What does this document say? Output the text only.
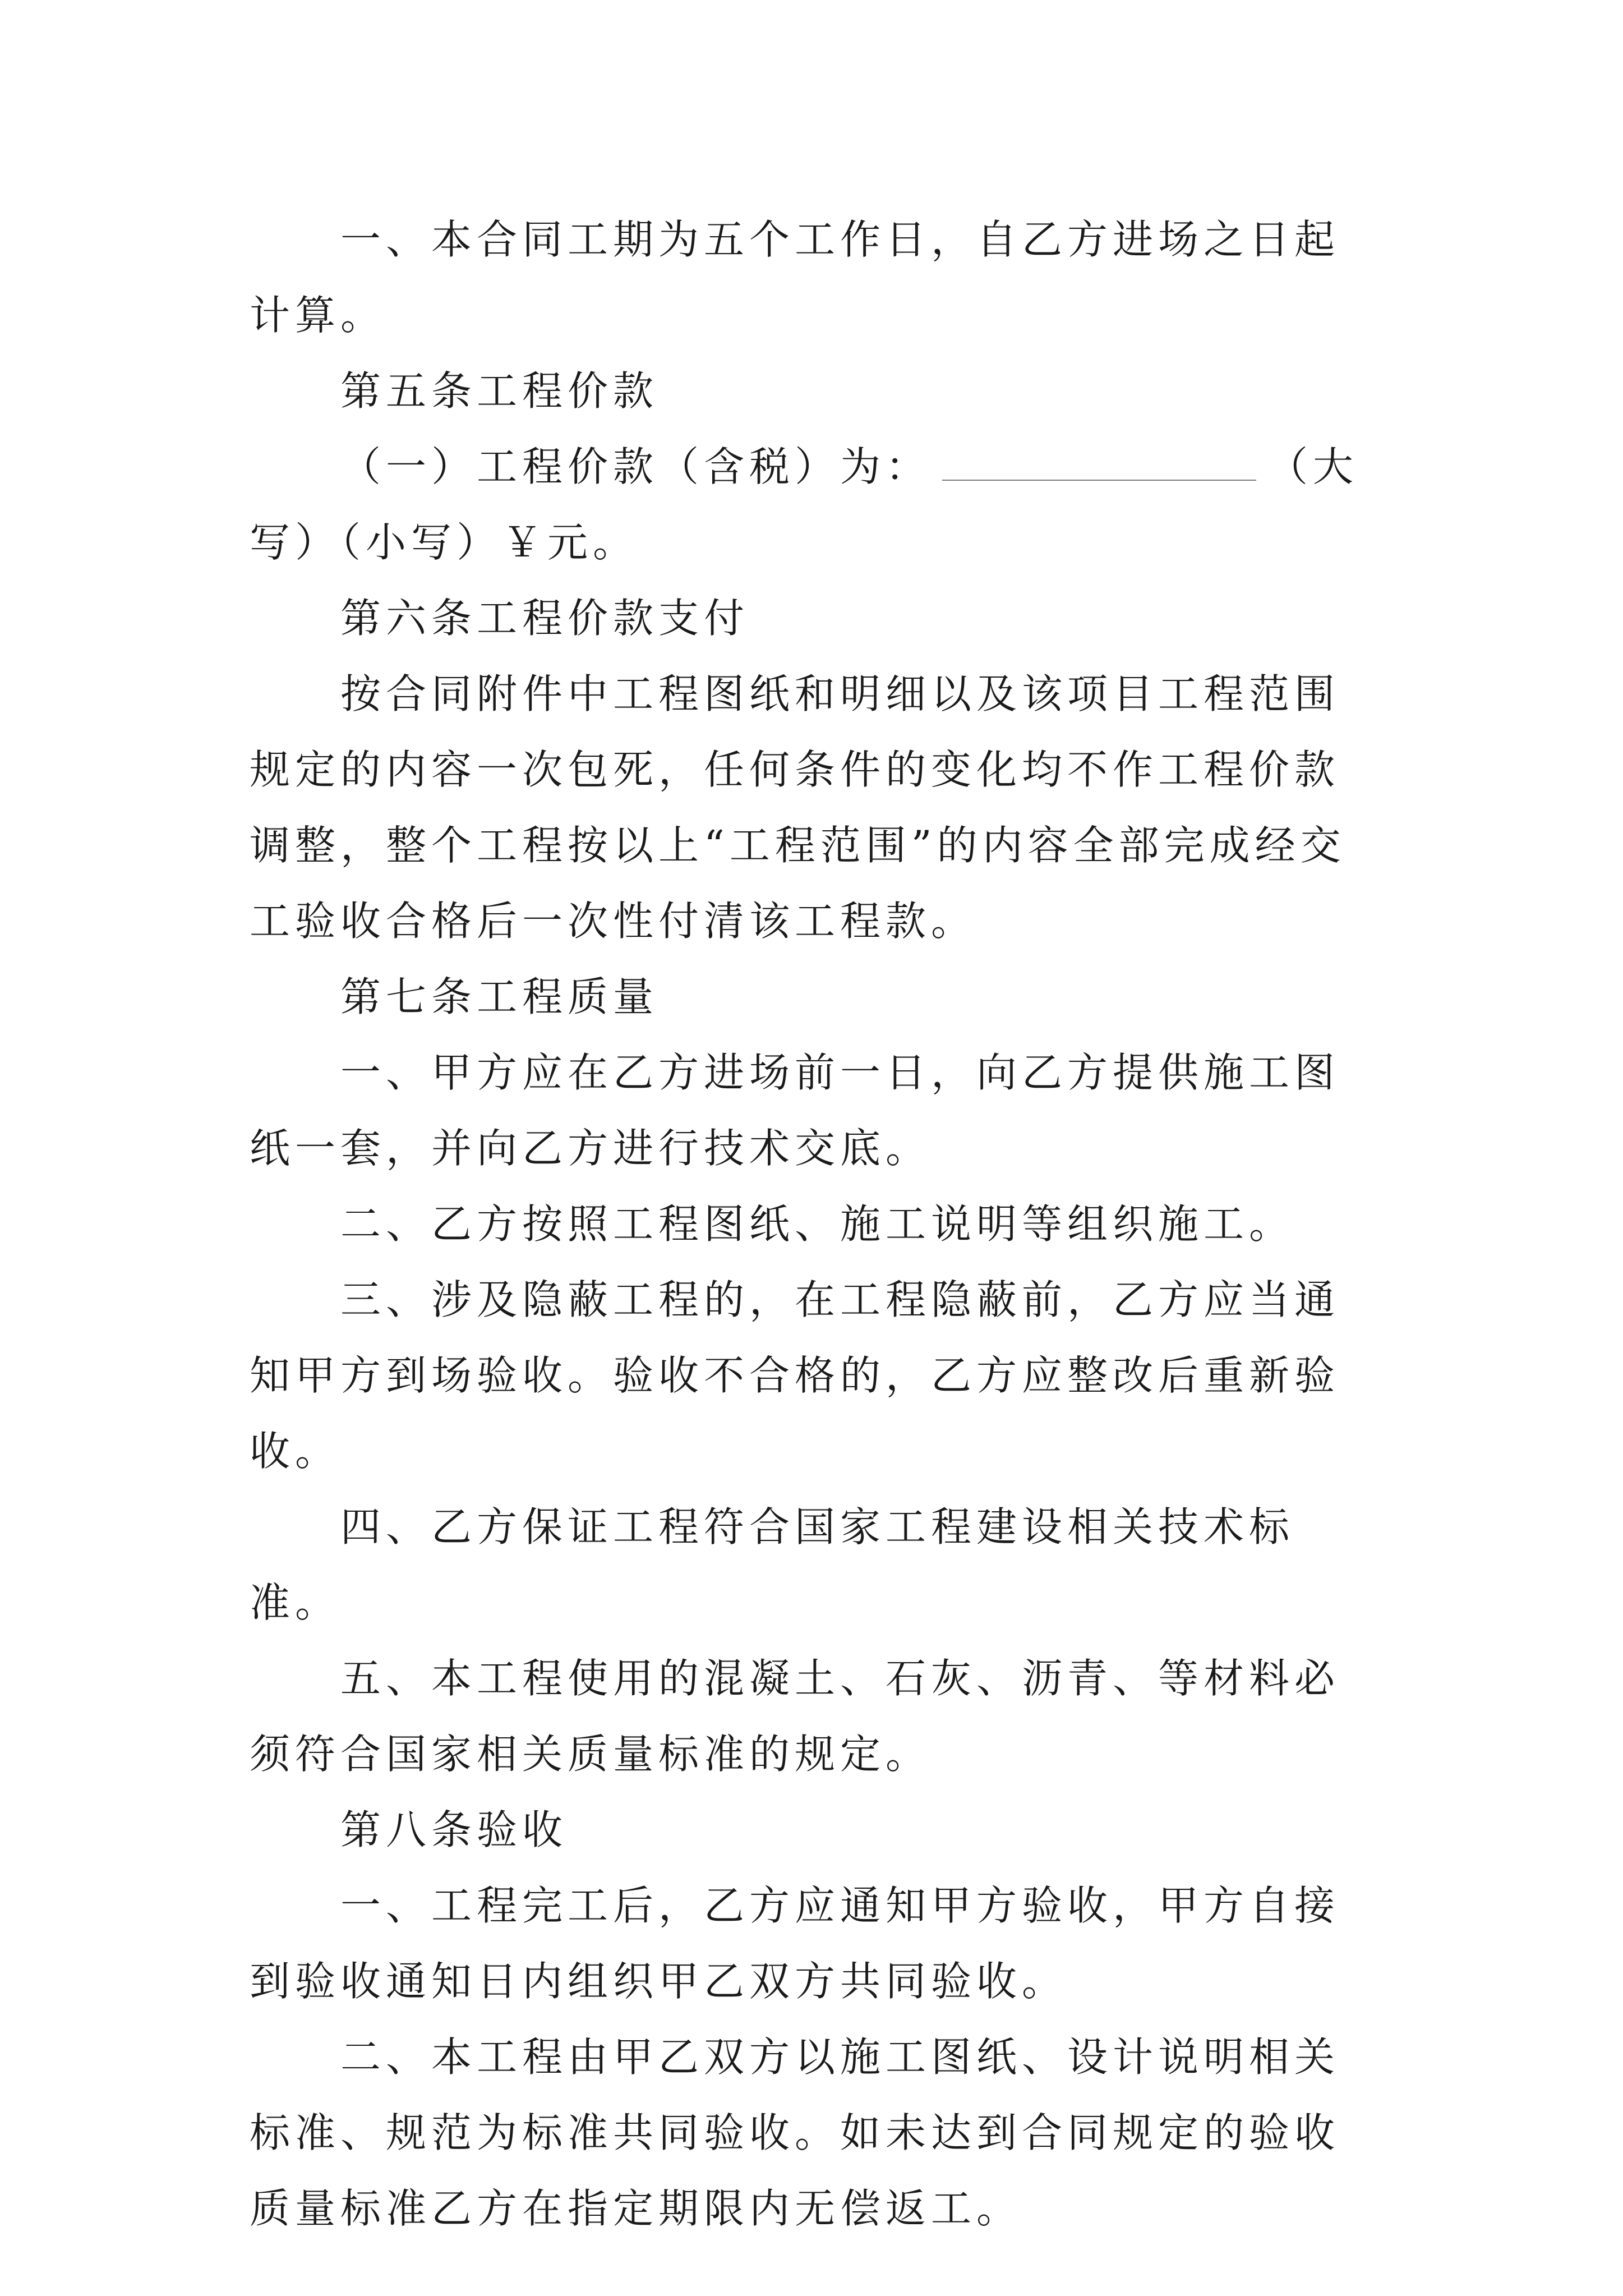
一、本合同工期为五个工作日，自乙方进场之日起计算。

第五条工程价款

（一）工程价款（含税）为：	（大写）（小写）￥元。

第六条工程价款支付

按合同附件中工程图纸和明细以及该项目工程范围规定的内容一次包死，任何条件的变化均不作工程价款调整，整个工程按以上“工程范围”的内容全部完成经交工验收合格后一次性付清该工程款。

第七条工程质量

一、甲方应在乙方进场前一日，向乙方提供施工图纸一套，并向乙方进行技术交底。

二、乙方按照工程图纸、施工说明等组织施工。

三、涉及隐蔽工程的，在工程隐蔽前，乙方应当通知甲方到场验收。验收不合格的，乙方应整改后重新验收。

四、乙方保证工程符合国家工程建设相关技术标准。

五、本工程使用的混凝土、石灰、沥青、等材料必须符合国家相关质量标准的规定。

第八条验收

一、工程完工后，乙方应通知甲方验收，甲方自接到验收通知日内组织甲乙双方共同验收。

二、本工程由甲乙双方以施工图纸、设计说明相关标准、规范为标准共同验收。如未达到合同规定的验收质量标准乙方在指定期限内无偿返工。
